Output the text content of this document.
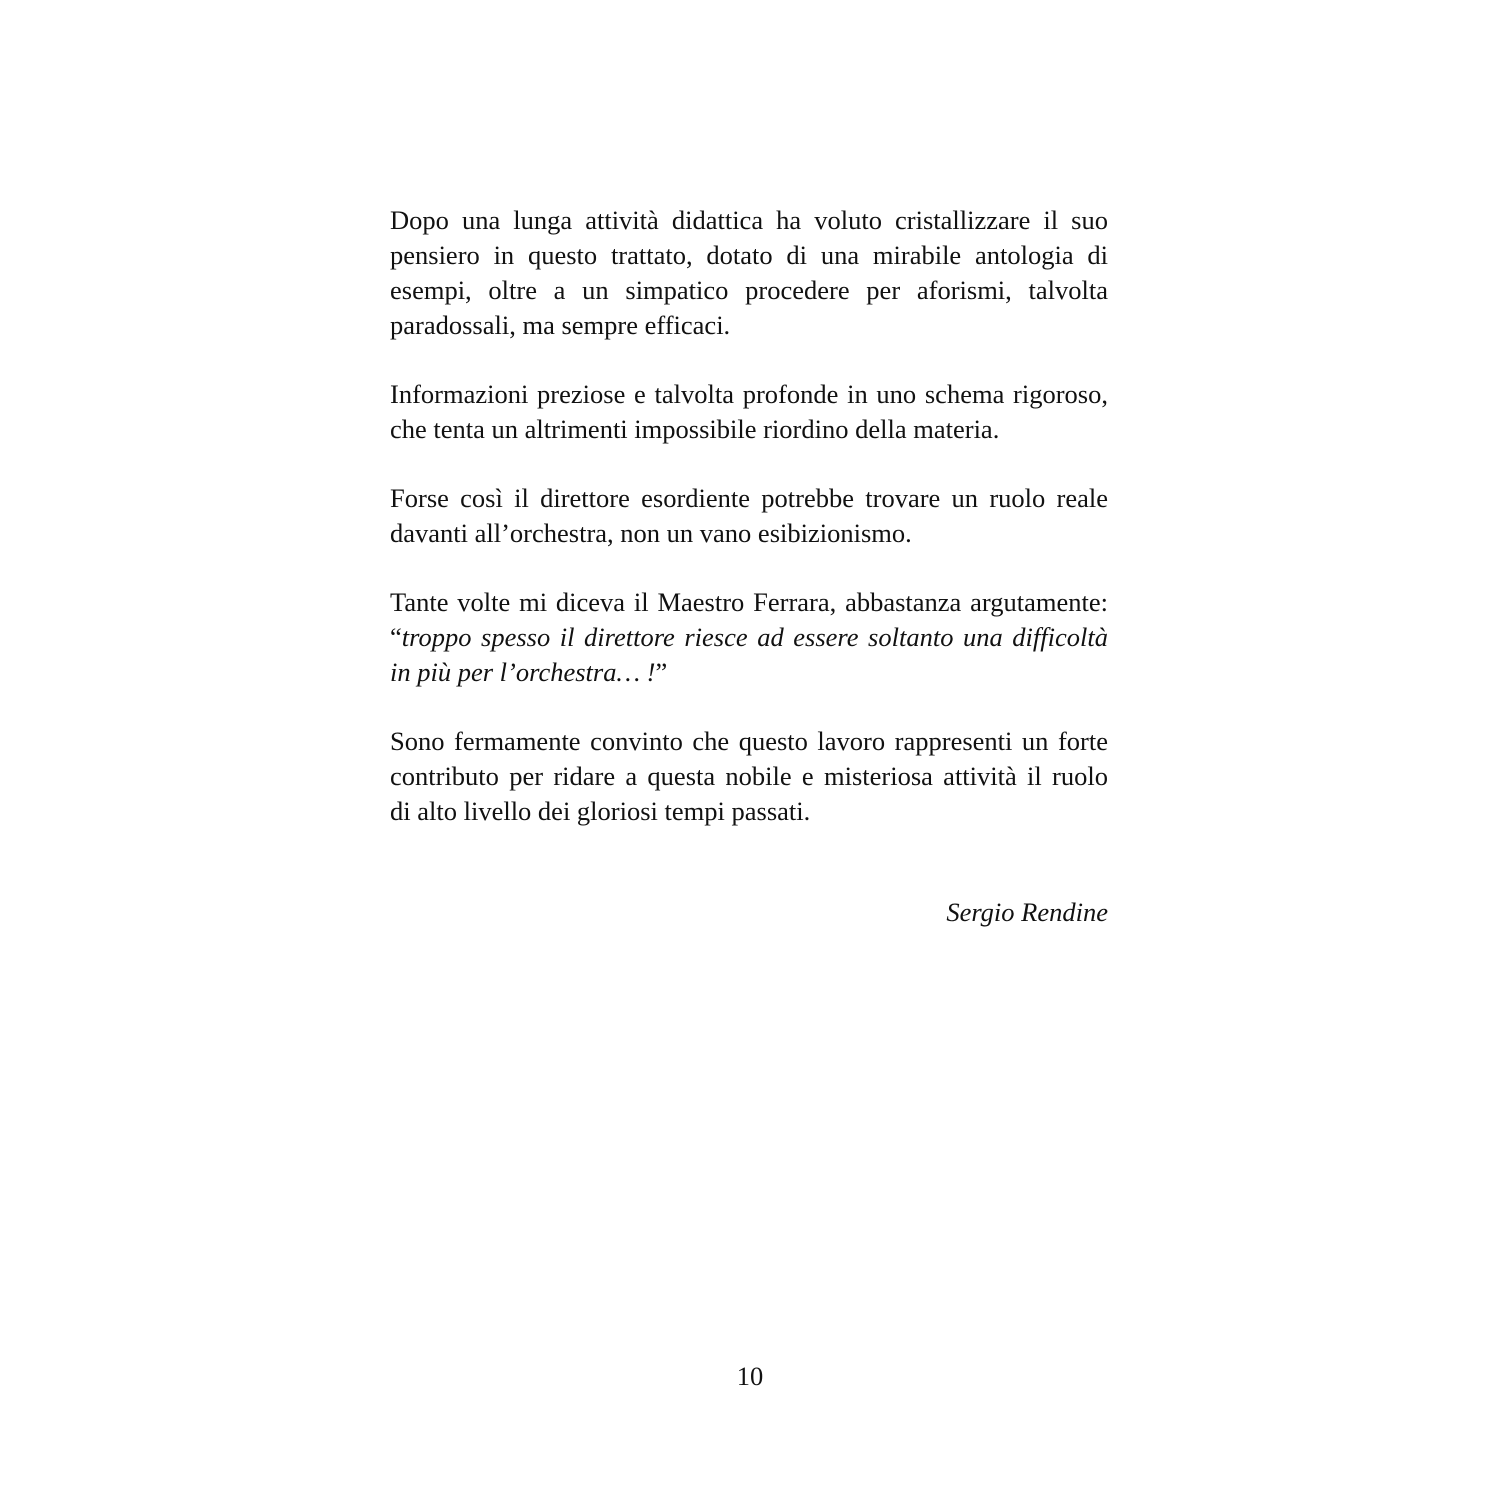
Dopo una lunga attività didattica ha voluto cristallizzare il suo
pensiero in questo trattato, dotato di una mirabile antologia di
esempi, oltre a un simpatico procedere per aforismi, talvolta
paradossali, ma sempre efficaci.

Informazioni preziose e talvolta profonde in uno schema rigoroso,
che tenta un altrimenti impossibile riordino della materia.

Forse così il direttore esordiente potrebbe trovare un ruolo reale
davanti all’orchestra, non un vano esibizionismo.

Tante volte mi diceva il Maestro Ferrara, abbastanza argutamente:
“troppo spesso il direttore riesce ad essere soltanto una difficoltà
in più per l’orchestra… !”

Sono fermamente convinto che questo lavoro rappresenti un forte
contributo per ridare a questa nobile e misteriosa attività il ruolo
di alto livello dei gloriosi tempi passati.

Sergio Rendine
10
